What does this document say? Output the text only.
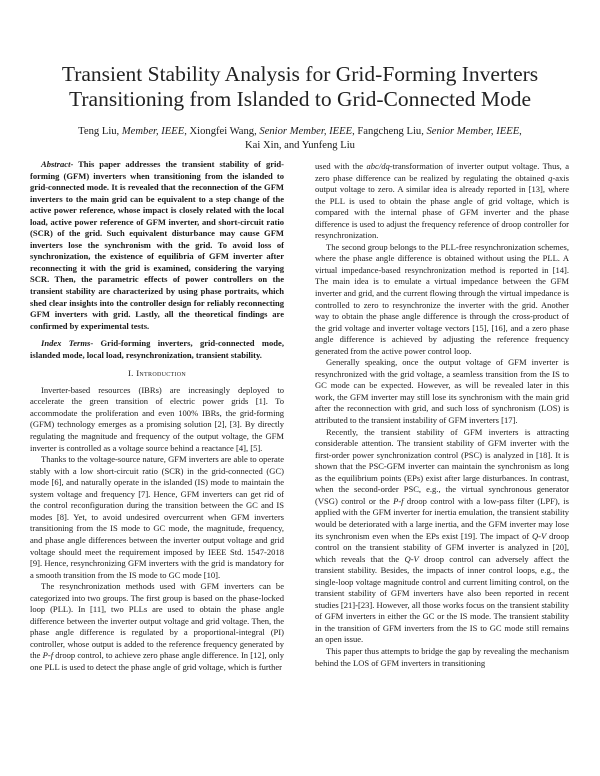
Transient Stability Analysis for Grid-Forming Inverters
Transitioning from Islanded to Grid-Connected Mode
Teng Liu, Member, IEEE, Xiongfei Wang, Senior Member, IEEE, Fangcheng Liu, Senior Member, IEEE,
Kai Xin, and Yunfeng Liu

Abstract- This paper addresses the transient stability of grid-forming (GFM) inverters when transitioning from the islanded to grid-connected mode. It is revealed that the reconnection of the GFM inverters to the main grid can be equivalent to a step change of the active power reference, whose impact is closely related with the local load, active power reference of GFM inverter, and short-circuit ratio (SCR) of the grid. Such equivalent disturbance may cause GFM inverters lose the synchronism with the grid. To avoid loss of synchronization, the existence of equilibria of GFM inverter after reconnecting it with the grid is examined, considering the varying SCR. Then, the parametric effects of power controllers on the transient stability are characterized by using phase portraits, which shed clear insights into the controller design for reliably reconnecting GFM inverters with grid. Lastly, all the theoretical findings are confirmed by experimental tests.

Index Terms- Grid-forming inverters, grid-connected mode, islanded mode, local load, resynchronization, transient stability.

I. Introduction

Inverter-based resources (IBRs) are increasingly deployed to accelerate the green transition of electric power grids [1]. To accommodate the proliferation and even 100% IBRs, the grid-forming (GFM) technology emerges as a promising solution [2], [3]. By directly regulating the magnitude and frequency of the output voltage, the GFM inverter is controlled as a voltage source behind a reactance [4], [5].

Thanks to the voltage-source nature, GFM inverters are able to operate stably with a low short-circuit ratio (SCR) in the grid-connected (GC) mode [6], and naturally operate in the islanded (IS) mode to maintain the system voltage and frequency [7]. Hence, GFM inverters can get rid of the control reconfiguration during the transition between the GC and IS modes [8]. Yet, to avoid undesired overcurrent when GFM inverters transitioning from the IS mode to GC mode, the magnitude, frequency, and phase angle differences between the inverter output voltage and grid voltage should meet the requirement imposed by IEEE Std. 1547-2018 [9]. Hence, resynchronizing GFM inverters with the grid is mandatory for a smooth transition from the IS mode to GC mode [10].

The resynchronization methods used with GFM inverters can be categorized into two groups. The first group is based on the phase-locked loop (PLL). In [11], two PLLs are used to obtain the phase angle difference between the inverter output voltage and grid voltage. Then, the phase angle difference is regulated by a proportional-integral (PI) controller, whose output is added to the reference frequency generated by the P-f droop control, to achieve zero phase angle difference. In [12], only one PLL is used to detect the phase angle of grid voltage, which is further

used with the abc/dq-transformation of inverter output voltage. Thus, a zero phase difference can be realized by regulating the obtained q-axis output voltage to zero. A similar idea is already reported in [13], where the PLL is used to obtain the phase angle of grid voltage, which is compared with the internal phase of GFM inverter and the phase difference is used to adjust the frequency reference of droop controller for resynchronization.

The second group belongs to the PLL-free resynchronization schemes, where the phase angle difference is obtained without using the PLL. A virtual impedance-based resynchronization method is reported in [14]. The main idea is to emulate a virtual impedance between the GFM inverter and grid, and the current flowing through the virtual impedance is controlled to zero to resynchronize the inverter with the grid. Another way to obtain the phase angle difference is through the cross-product of the grid voltage and inverter voltage vectors [15], [16], and a zero phase angle difference is achieved by adjusting the reference frequency generated from the active power control loop.

Generally speaking, once the output voltage of GFM inverter is resynchronized with the grid voltage, a seamless transition from the IS to GC mode can be expected. However, as will be revealed later in this work, the GFM inverter may still lose its synchronism with the main grid after the reconnection with grid, and such loss of synchronism (LOS) is attributed to the transient instability of GFM inverters [17].

Recently, the transient stability of GFM inverters is attracting considerable attention. The transient stability of GFM inverter with the first-order power synchronization control (PSC) is analyzed in [18]. It is shown that the PSC-GFM inverter can maintain the synchronism as long as the equilibrium points (EPs) exist after large disturbances. In contrast, when the second-order PSC, e.g., the virtual synchronous generator (VSG) control or the P-f droop control with a low-pass filter (LPF), is applied with the GFM inverter for inertia emulation, the transient stability would be deteriorated with a large inertia, and the GFM inverter may lose its synchronism even when the EPs exist [19]. The impact of Q-V droop control on the transient stability of GFM inverter is analyzed in [20], which reveals that the Q-V droop control can adversely affect the transient stability. Besides, the impacts of inner control loops, e.g., the single-loop voltage magnitude control and current limiting control, on the transient stability of GFM inverters have also been reported in recent studies [21]-[23]. However, all those works focus on the transient stability of GFM inverters in either the GC or the IS mode. The transient stability in the transition of GFM inverters from the IS to GC mode still remains an open issue.

This paper thus attempts to bridge the gap by revealing the mechanism behind the LOS of GFM inverters in transitioning
